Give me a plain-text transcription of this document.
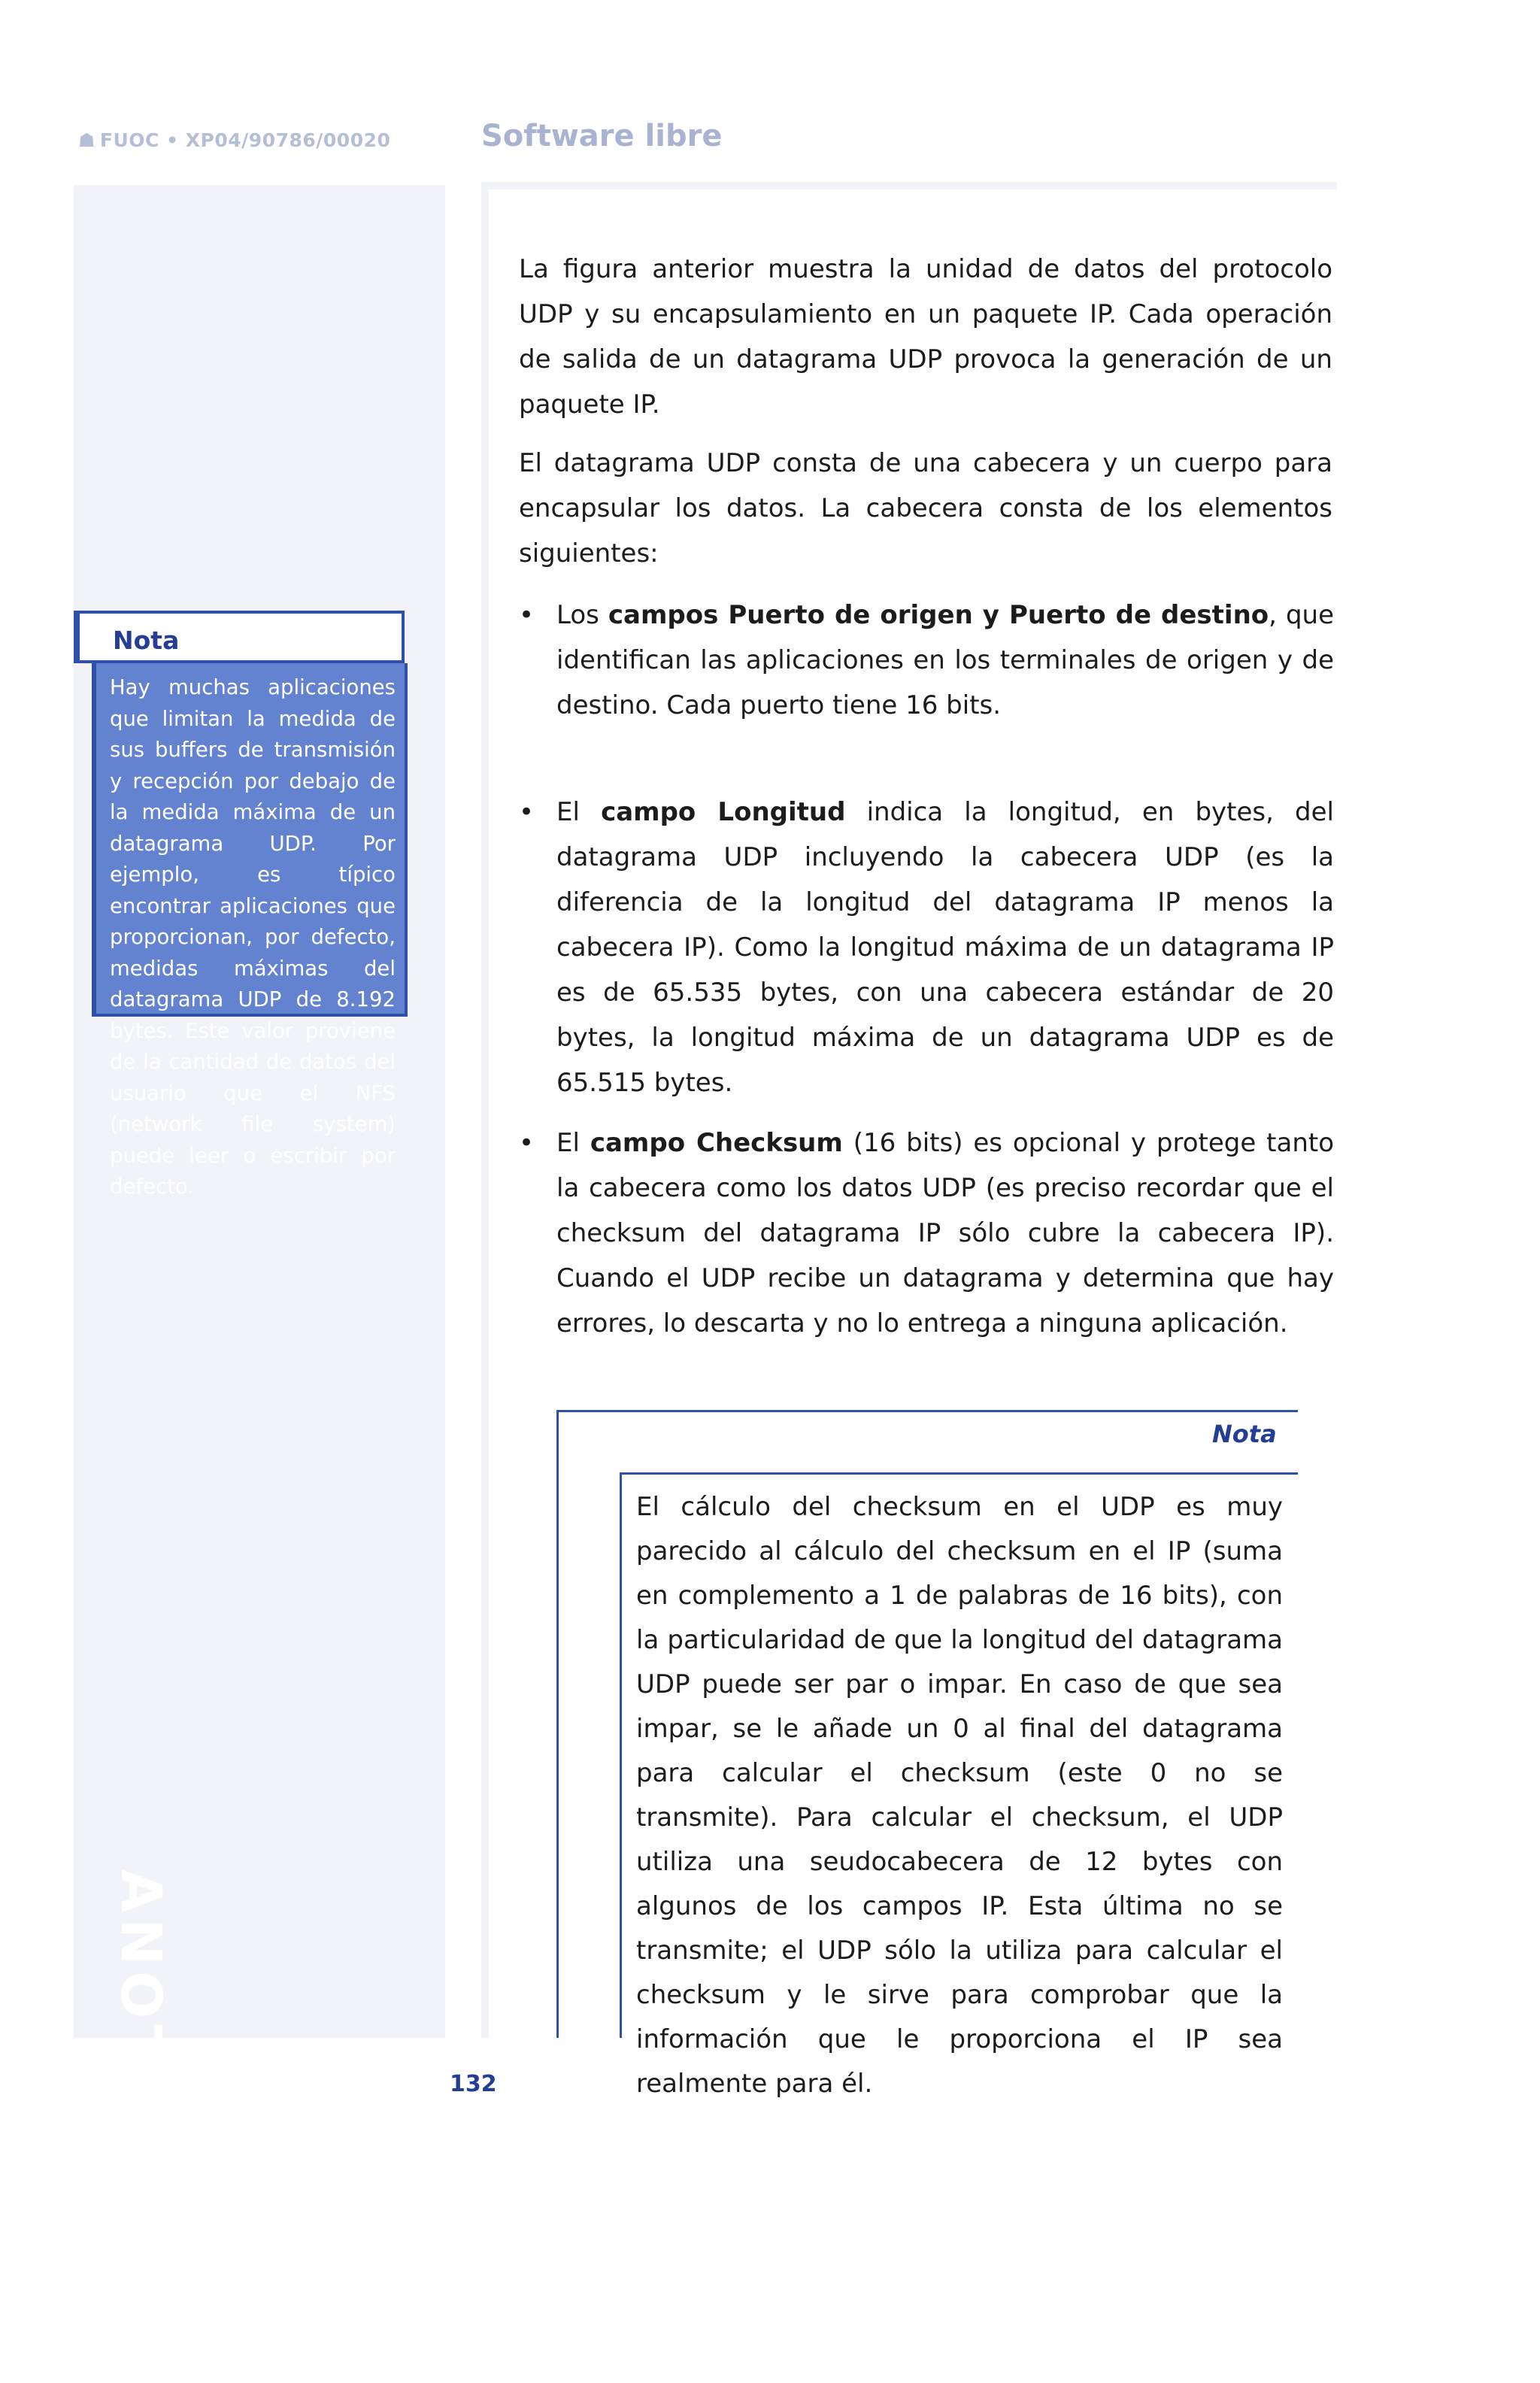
☗ FUOC • XP04/90786/00020	Software libre
ANOTACIONES

La figura anterior muestra la unidad de datos del protocolo UDP y su encapsulamiento en un paquete IP. Cada operación de salida de un datagrama UDP provoca la generación de un paquete IP.

El datagrama UDP consta de una cabecera y un cuerpo para encapsular los datos. La cabecera consta de los elementos siguientes:

• Los campos Puerto de origen y Puerto de destino, que identifican las aplicaciones en los terminales de origen y de destino. Cada puerto tiene 16 bits.
• El campo Longitud indica la longitud, en bytes, del datagrama UDP incluyendo la cabecera UDP (es la diferencia de la longitud del datagrama IP menos la cabecera IP). Como la longitud máxima de un datagrama IP es de 65.535 bytes, con una cabecera estándar de 20 bytes, la longitud máxima de un datagrama UDP es de 65.515 bytes.
• El campo Checksum (16 bits) es opcional y protege tanto la cabecera como los datos UDP (es preciso recordar que el checksum del datagrama IP sólo cubre la cabecera IP). Cuando el UDP recibe un datagrama y determina que hay errores, lo descarta y no lo entrega a ninguna aplicación.
Nota

Hay muchas aplicaciones que limitan la medida de sus buffers de transmisión y recepción por debajo de la medida máxima de un datagrama UDP. Por ejemplo, es típico encontrar aplicaciones que proporcionan, por defecto, medidas máximas del datagrama UDP de 8.192 bytes. Este valor proviene de la cantidad de datos del usuario que el NFS (network file system) puede leer o escribir por defecto.

Nota

El cálculo del checksum en el UDP es muy parecido al cálculo del checksum en el IP (suma en complemento a 1 de palabras de 16 bits), con la particularidad de que la longitud del datagrama UDP puede ser par o impar. En caso de que sea impar, se le añade un 0 al final del datagrama para calcular el checksum (este 0 no se transmite). Para calcular el checksum, el UDP utiliza una seudocabecera de 12 bytes con algunos de los campos IP. Esta última no se transmite; el UDP sólo la utiliza para calcular el checksum y le sirve para comprobar que la información que le proporciona el IP sea realmente para él.

132
